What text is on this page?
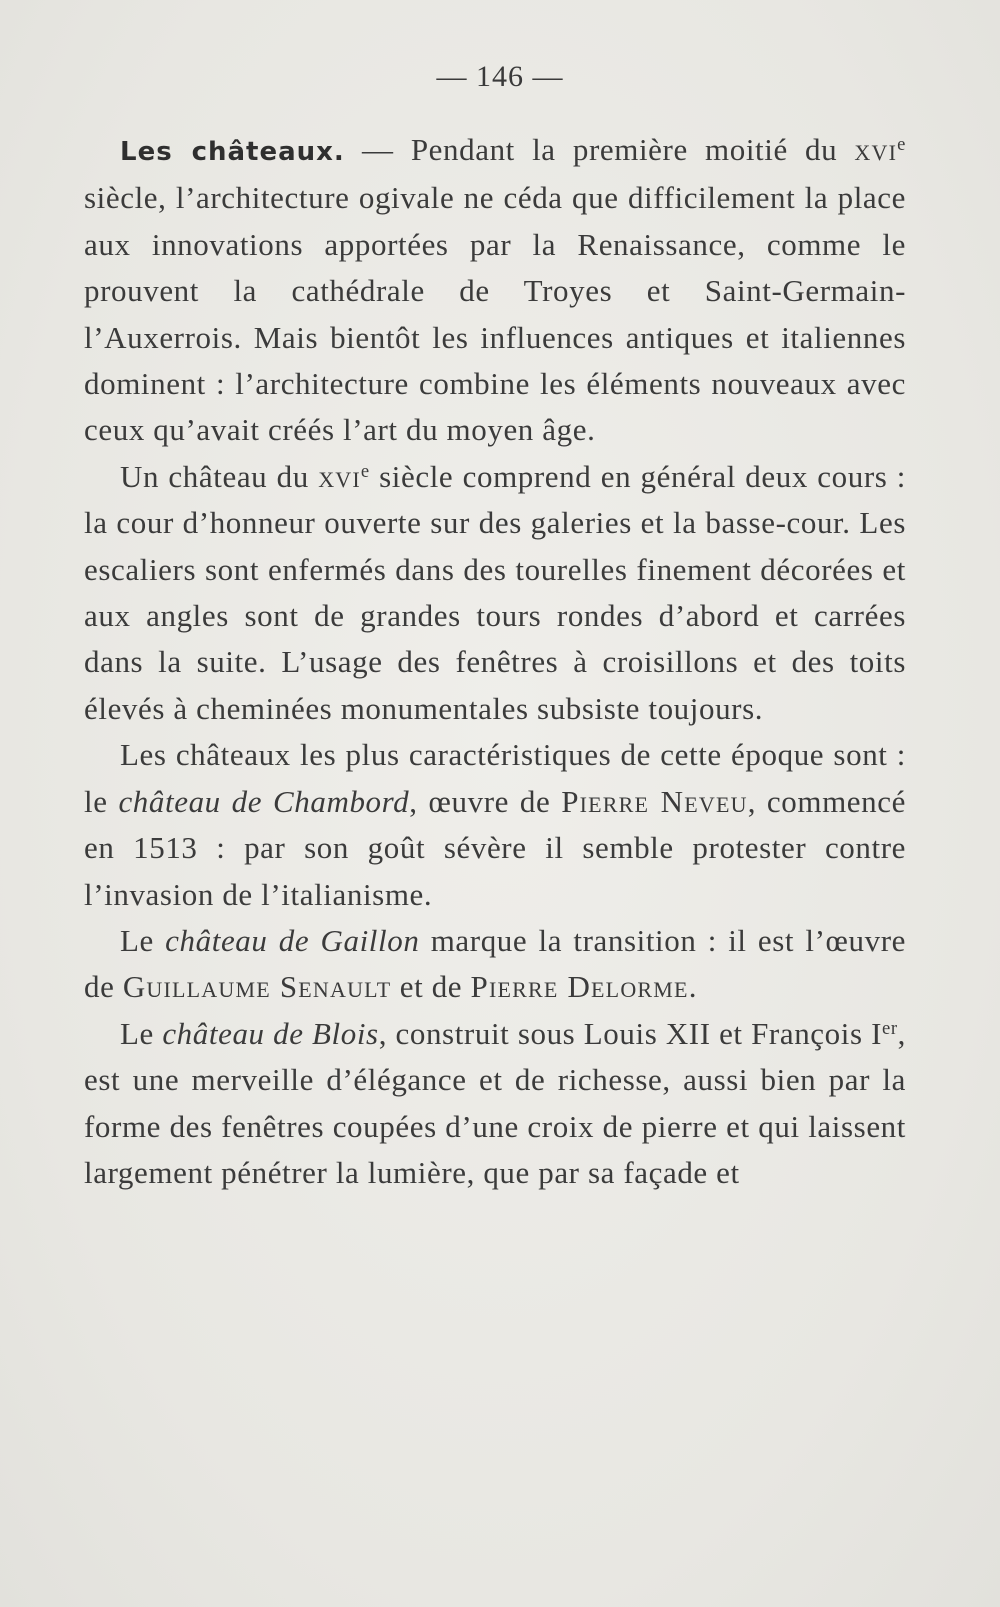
— 146 —

Les châteaux. — Pendant la première moitié du xvi$^e$ siècle, l’architecture ogivale ne céda que difficilement la place aux innovations apportées par la Renaissance, comme le prouvent la cathédrale de Troyes et Saint-Germain-l’Auxerrois. Mais bientôt les influences antiques et italiennes dominent : l’architecture combine les éléments nouveaux avec ceux qu’avait créés l’art du moyen âge.

Un château du xvi$^e$ siècle comprend en général deux cours : la cour d’honneur ouverte sur des galeries et la basse-cour. Les escaliers sont enfermés dans des tourelles finement décorées et aux angles sont de grandes tours rondes d’abord et carrées dans la suite. L’usage des fenêtres à croisillons et des toits élevés à cheminées monumentales subsiste toujours.

Les châteaux les plus caractéristiques de cette époque sont : le château de Chambord, œuvre de Pierre Neveu, commencé en 1513 : par son goût sévère il semble protester contre l’invasion de l’italianisme.

Le château de Gaillon marque la transition : il est l’œuvre de Guillaume Senault et de Pierre Delorme.

Le château de Blois, construit sous Louis XII et François Ier, est une merveille d’élégance et de richesse, aussi bien par la forme des fenêtres coupées d’une croix de pierre et qui laissent largement pénétrer la lumière, que par sa façade et
